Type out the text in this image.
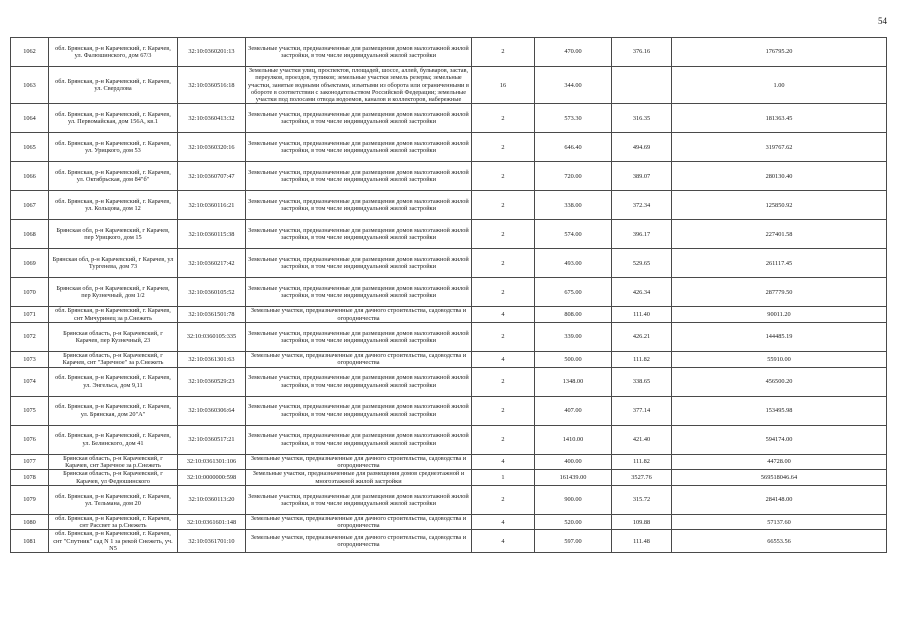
54
1062	обл. Брянская, р-н Карачевский, г. Карачев, ул. Фалюшинского, дом 67/3	32:10:0360201:13	Земельные участки, предназначенные для размещения домов малоэтажной жилой застройки, в том числе индивидуальной жилой застройки	2	470.00	376.16	176795.20
1063	обл. Брянская, р-н Карачевский, г. Карачев, ул. Свердлова	32:10:0360516:18	Земельные участки улиц, проспектов, площадей, шоссе, аллей, бульваров, застав, переулков, проездов, тупиков; земельные участки земель резерва; земельные участки, занятые водными объектами, изъятыми из оборота или ограниченными в обороте в соответствии с законодательством Российской Федерации; земельные участки под полосами отвода водоемов, каналов и коллекторов, набережные	16	344.00		1.00
1064	обл. Брянская, р-н Карачевский, г. Карачев, ул. Первомайская, дом 156А, кв.1	32:10:0360413:32	Земельные участки, предназначенные для размещения домов малоэтажной жилой застройки, в том числе индивидуальной жилой застройки	2	573.30	316.35	181363.45
1065	обл. Брянская, р-н Карачевский, г. Карачев, ул. Урицкого, дом 53	32:10:0360320:16	Земельные участки, предназначенные для размещения домов малоэтажной жилой застройки, в том числе индивидуальной жилой застройки	2	646.40	494.69	319767.62
1066	обл. Брянская, р-н Карачевский, г. Карачев, ул. Октябрьская, дом 84"б"	32:10:0360707:47	Земельные участки, предназначенные для размещения домов малоэтажной жилой застройки, в том числе индивидуальной жилой застройки	2	720.00	389.07	280130.40
1067	обл. Брянская, р-н Карачевский, г. Карачев, ул. Кольцова, дом 12	32:10:0360116:21	Земельные участки, предназначенные для размещения домов малоэтажной жилой застройки, в том числе индивидуальной жилой застройки	2	338.00	372.34	125850.92
1068	Брянская обл, р-н Карачевский, г Карачев, пер Урицкого, дом 15	32:10:0360115:38	Земельные участки, предназначенные для размещения домов малоэтажной жилой застройки, в том числе индивидуальной жилой застройки	2	574.00	396.17	227401.58
1069	Брянская обл, р-н Карачевский, г Карачев, ул Тургенева, дом 73	32:10:0360217:42	Земельные участки, предназначенные для размещения домов малоэтажной жилой застройки, в том числе индивидуальной жилой застройки	2	493.00	529.65	261117.45
1070	Брянская обл, р-н Карачевский, г Карачев, пер Кузнечный, дом 1/2	32:10:0360105:52	Земельные участки, предназначенные для размещения домов малоэтажной жилой застройки, в том числе индивидуальной жилой застройки	2	675.00	426.34	287779.50
1071	обл. Брянская, р-н Карачевский, г. Карачев, снт Мичуринец за р.Снежеть	32:10:0361501:78	Земельные участки, предназначенные для дачного строительства, садоводства и огородничества	4	808.00	111.40	90011.20
1072	Брянская область, р-н Карачевский, г Карачев, пер Кузнечный, 23	32:10:0360105:335	Земельные участки, предназначенные для размещения домов малоэтажной жилой застройки, в том числе индивидуальной жилой застройки	2	339.00	426.21	144485.19
1073	Брянская область, р-н Карачевский, г Карачев, снт "Заречное" за р.Снежеть	32:10:0361301:63	Земельные участки, предназначенные для дачного строительства, садоводства и огородничества	4	500.00	111.82	55910.00
1074	обл. Брянская, р-н Карачевский, г. Карачев, ул. Энгельса, дом 9,11	32:10:0360529:23	Земельные участки, предназначенные для размещения домов малоэтажной жилой застройки, в том числе индивидуальной жилой застройки	2	1348.00	338.65	456500.20
1075	обл. Брянская, р-н Карачевский, г. Карачев, ул. Брянская, дом 20"А"	32:10:0360306:64	Земельные участки, предназначенные для размещения домов малоэтажной жилой застройки, в том числе индивидуальной жилой застройки	2	407.00	377.14	153495.98
1076	обл. Брянская, р-н Карачевский, г. Карачев, ул. Белинского, дом 41	32:10:0360517:21	Земельные участки, предназначенные для размещения домов малоэтажной жилой застройки, в том числе индивидуальной жилой застройки	2	1410.00	421.40	594174.00
1077	Брянская область, р-н Карачевский, г Карачев, снт Заречное за р.Снежеть	32:10:0361301:106	Земельные участки, предназначенные для дачного строительства, садоводства и огородничества	4	400.00	111.82	44728.00
1078	Брянская область, р-н Карачевский, г Карачев, ул Федюшинского	32:10:0000000:598	Земельные участки, предназначенные для размещения домов среднеэтажной и многоэтажной жилой застройки	1	161439.00	3527.76	569518046.64
1079	обл. Брянская, р-н Карачевский, г. Карачев, ул. Тельмана, дом 20	32:10:0360113:20	Земельные участки, предназначенные для размещения домов малоэтажной жилой застройки, в том числе индивидуальной жилой застройки	2	900.00	315.72	284148.00
1080	обл. Брянская, р-н Карачевский, г. Карачев, снт Рассвет за р.Снежеть	32:10:0361601:148	Земельные участки, предназначенные для дачного строительства, садоводства и огородничества	4	520.00	109.88	57137.60
1081	обл. Брянская, р-н Карачевский, г. Карачев, снт "Спутник" сад N 1 за рекой Снежеть, уч. N5	32:10:0361701:10	Земельные участки, предназначенные для дачного строительства, садоводства и огородничества	4	597.00	111.48	66553.56
